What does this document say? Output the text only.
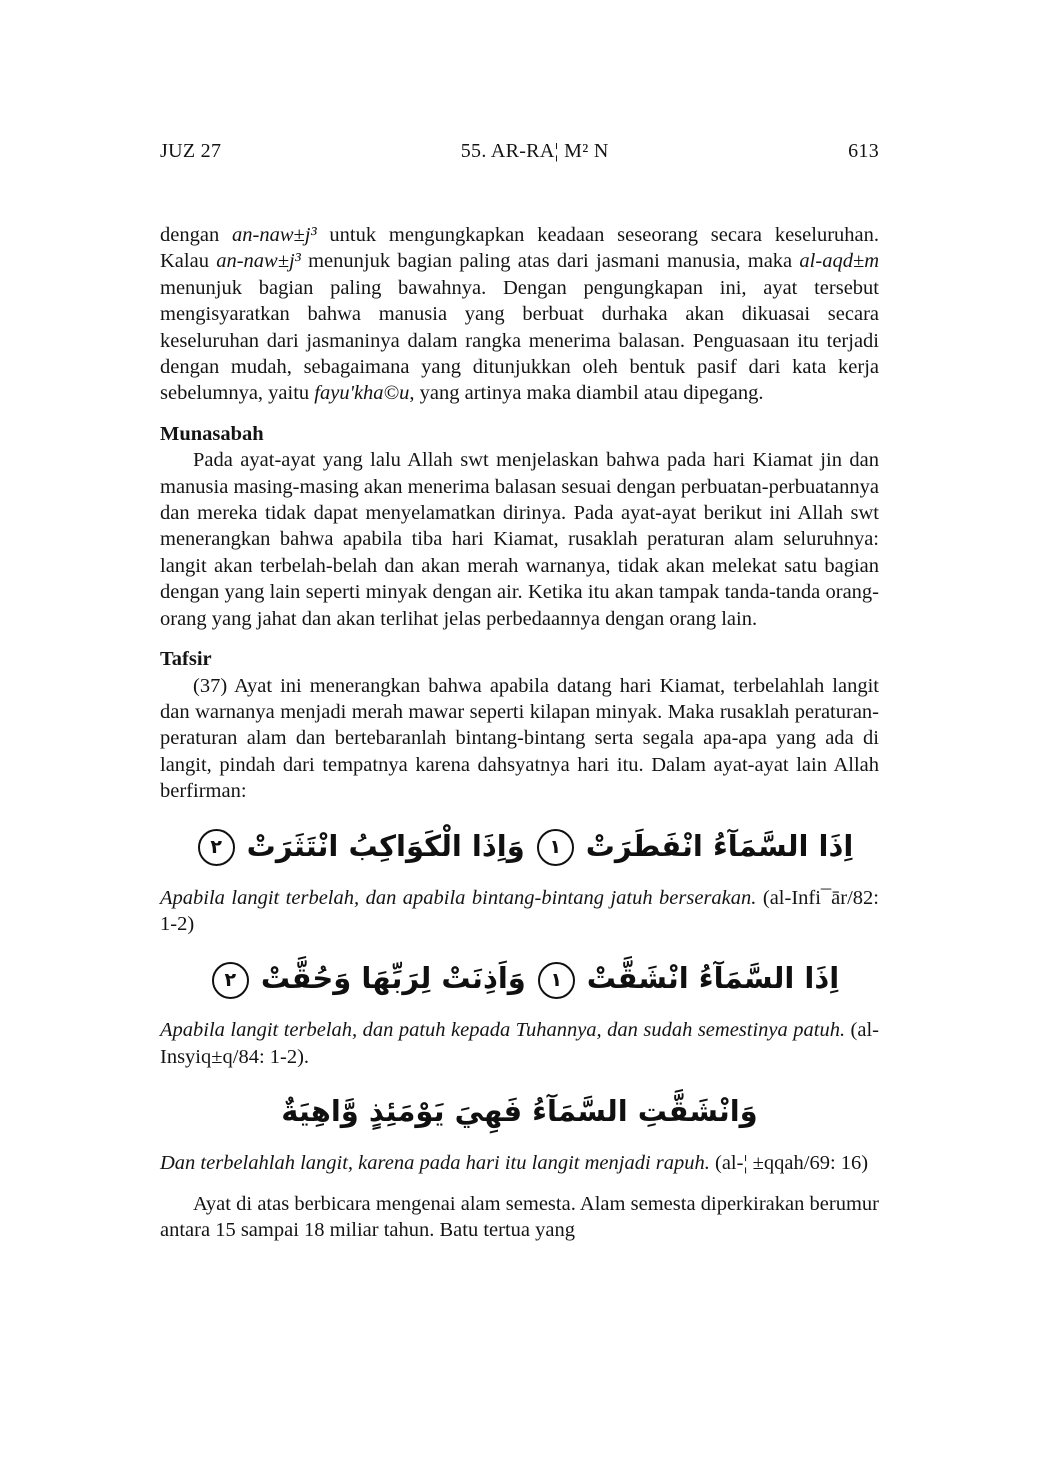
JUZ 27	55. AR-RA¦ M² N	613

dengan an-naw±j³ untuk mengungkapkan keadaan seseorang secara keseluruhan. Kalau an-naw±j³ menunjuk bagian paling atas dari jasmani manusia, maka al-aqd±m menunjuk bagian paling bawahnya. Dengan pengungkapan ini, ayat tersebut mengisyaratkan bahwa manusia yang berbuat durhaka akan dikuasai secara keseluruhan dari jasmaninya dalam rangka menerima balasan. Penguasaan itu terjadi dengan mudah, sebagaimana yang ditunjukkan oleh bentuk pasif dari kata kerja sebelumnya, yaitu fayu'kha©u, yang artinya maka diambil atau dipegang.

Munasabah

Pada ayat-ayat yang lalu Allah swt menjelaskan bahwa pada hari Kiamat jin dan manusia masing-masing akan menerima balasan sesuai dengan perbuatan-perbuatannya dan mereka tidak dapat menyelamatkan dirinya. Pada ayat-ayat berikut ini Allah swt menerangkan bahwa apabila tiba hari Kiamat, rusaklah peraturan alam seluruhnya: langit akan terbelah-belah dan akan merah warnanya, tidak akan melekat satu bagian dengan yang lain seperti minyak dengan air. Ketika itu akan tampak tanda-tanda orang-orang yang jahat dan akan terlihat jelas perbedaannya dengan orang lain.

Tafsir

(37) Ayat ini menerangkan bahwa apabila datang hari Kiamat, terbelahlah langit dan warnanya menjadi merah mawar seperti kilapan minyak. Maka rusaklah peraturan-peraturan alam dan bertebaranlah bintang-bintang serta segala apa-apa yang ada di langit, pindah dari tempatnya karena dahsyatnya hari itu. Dalam ayat-ayat lain Allah berfirman:

اِذَا السَّمَآءُ انْفَطَرَتْ١وَاِذَا الْكَوَاكِبُ انْتَثَرَتْ٢

Apabila langit terbelah, dan apabila bintang-bintang jatuh berserakan. (al-Infi¯ār/82: 1-2)

اِذَا السَّمَآءُ انْشَقَّتْ١وَاَذِنَتْ لِرَبِّهَا وَحُقَّتْ٢

Apabila langit terbelah, dan patuh kepada Tuhannya, dan sudah semestinya patuh. (al-Insyiq±q/84: 1-2).

وَانْشَقَّتِ السَّمَآءُ فَهِيَ يَوْمَئِذٍ وَّاهِيَةٌ

Dan terbelahlah langit, karena pada hari itu langit menjadi rapuh. (al-¦ ±qqah/69: 16)

Ayat di atas berbicara mengenai alam semesta. Alam semesta diperkirakan berumur antara 15 sampai 18 miliar tahun. Batu tertua yang
